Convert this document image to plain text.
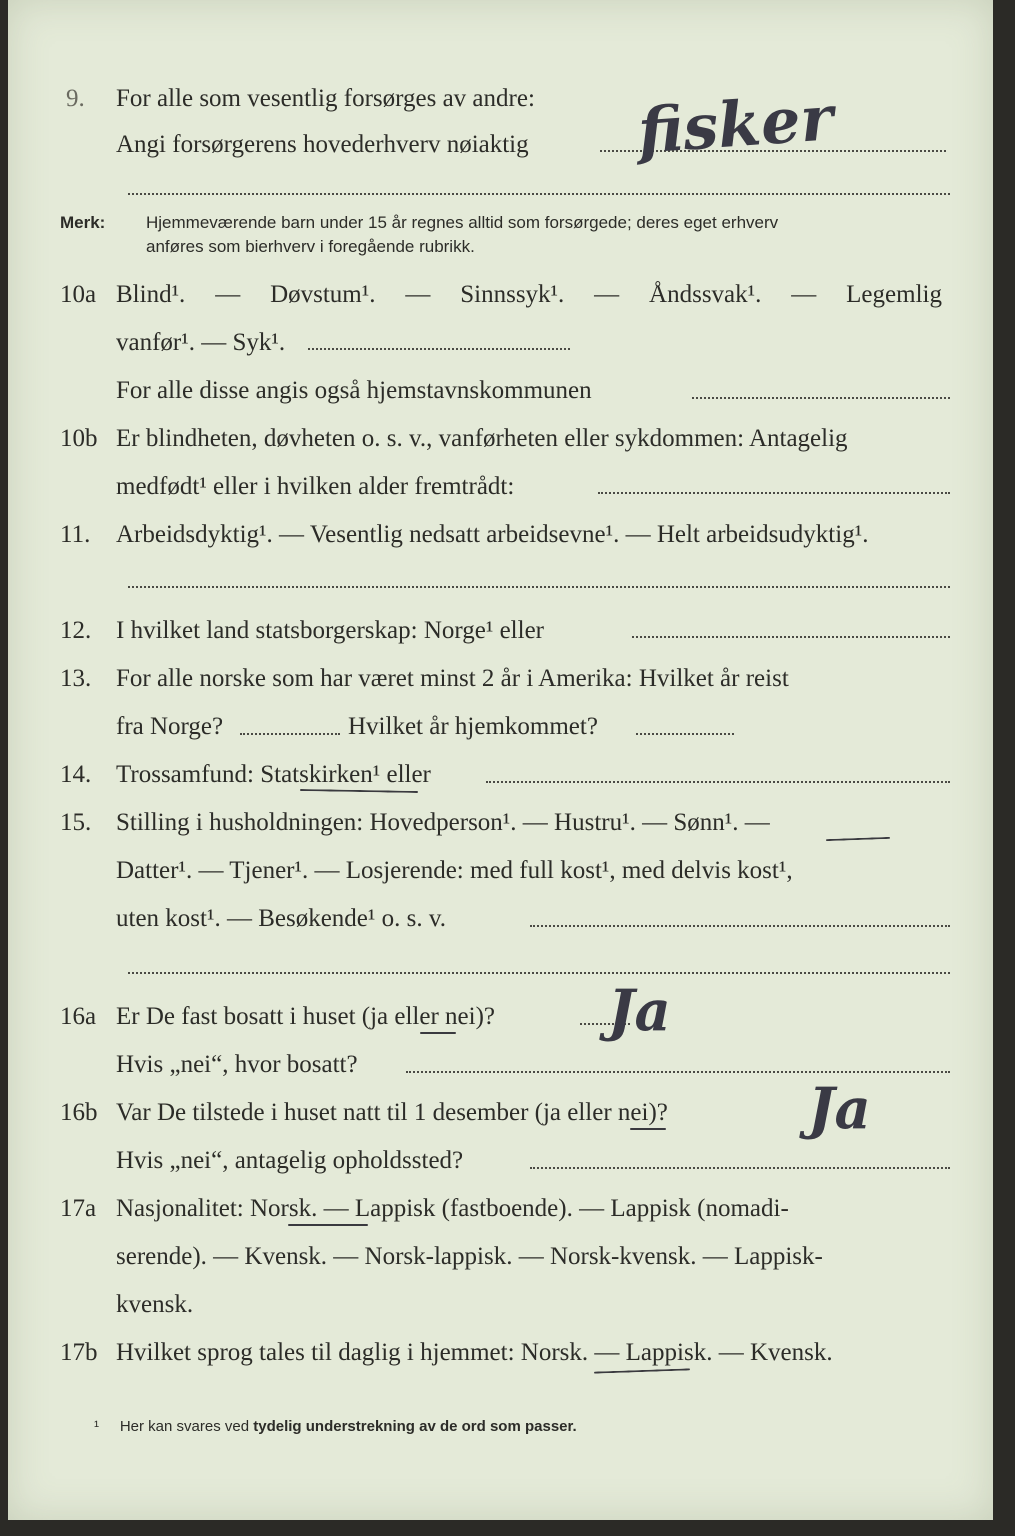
9. For alle som vesentlig forsørges av andre:
Angi forsørgerens hovederhverv nøiaktig fisker
Merk: Hjemmeværende barn under 15 år regnes alltid som forsørgede; deres eget erhverv
anføres som bierhverv i foregående rubrikk.
10a Blind¹. — Døvstum¹. — Sinnssyk¹. — Åndssvak¹. — Legemlig
vanfør¹. — Syk¹.
For alle disse angis også hjemstavnskommunen
10b Er blindheten, døvheten o. s. v., vanførheten eller sykdommen: Antagelig
medfødt¹ eller i hvilken alder fremtrådt:
11. Arbeidsdyktig¹. — Vesentlig nedsatt arbeidsevne¹. — Helt arbeidsudyktig¹.
12. I hvilket land statsborgerskap: Norge¹ eller
13. For alle norske som har været minst 2 år i Amerika: Hvilket år reist
fra Norge?	Hvilket år hjemkommet?
14. Trossamfund: Statskirken¹ eller
15. Stilling i husholdningen: Hovedperson¹. — Hustru¹. — Sønn¹. —
Datter¹. — Tjener¹. — Losjerende: med full kost¹, med delvis kost¹,
uten kost¹. — Besøkende¹ o. s. v.
16a Er De fast bosatt i huset (ja eller nei)? Ja
Hvis „nei“, hvor bosatt?
16b Var De tilstede i huset natt til 1 desember (ja eller nei)?	Ja
Hvis „nei“, antagelig opholdssted?
17a Nasjonalitet: Norsk. — Lappisk (fastboende). — Lappisk (nomadi-
serende). — Kvensk. — Norsk-lappisk. — Norsk-kvensk. — Lappisk-
kvensk.
17b Hvilket sprog tales til daglig i hjemmet: Norsk. — Lappisk. — Kvensk.
¹ Her kan svares ved tydelig understrekning av de ord som passer.
